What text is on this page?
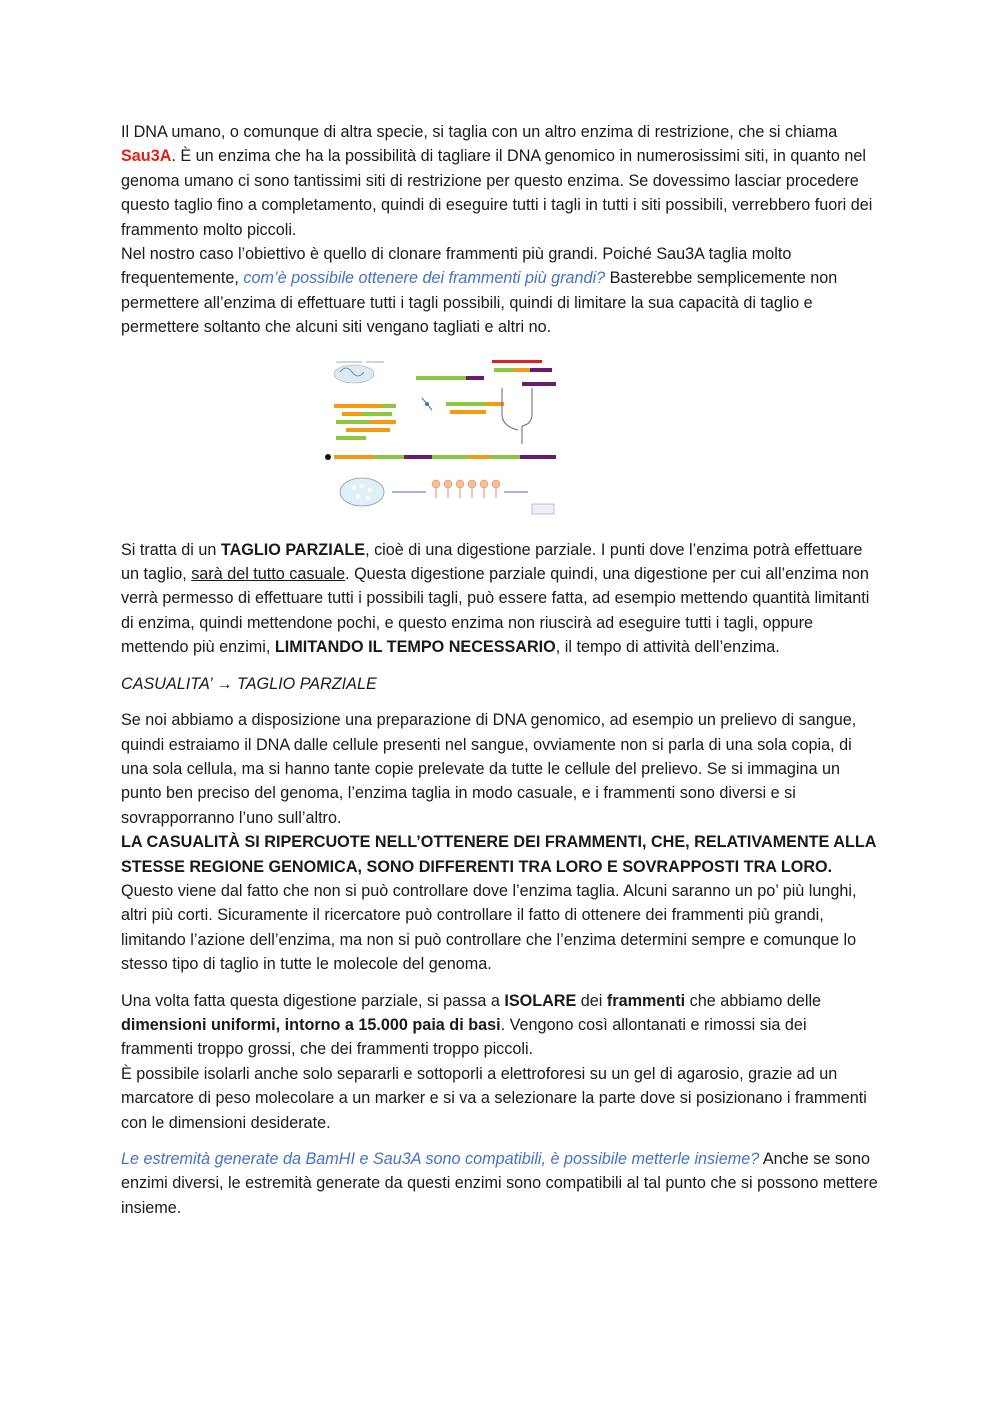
Il DNA umano, o comunque di altra specie, si taglia con un altro enzima di restrizione, che si chiama Sau3A. È un enzima che ha la possibilità di tagliare il DNA genomico in numerosissimi siti, in quanto nel genoma umano ci sono tantissimi siti di restrizione per questo enzima. Se dovessimo lasciar procedere questo taglio fino a completamento, quindi di eseguire tutti i tagli in tutti i siti possibili, verrebbero fuori dei frammento molto piccoli.

Nel nostro caso l’obiettivo è quello di clonare frammenti più grandi. Poiché Sau3A taglia molto frequentemente, com’è possibile ottenere dei frammenti più grandi? Basterebbe semplicemente non permettere all’enzima di effettuare tutti i tagli possibili, quindi di limitare la sua capacità di taglio e permettere soltanto che alcuni siti vengano tagliati e altri no.

Si tratta di un TAGLIO PARZIALE, cioè di una digestione parziale. I punti dove l’enzima potrà effettuare un taglio, sarà del tutto casuale. Questa digestione parziale quindi, una digestione per cui all’enzima non verrà permesso di effettuare tutti i possibili tagli, può essere fatta, ad esempio mettendo quantità limitanti di enzima, quindi mettendone pochi, e questo enzima non riuscirà ad eseguire tutti i tagli, oppure mettendo più enzimi, LIMITANDO IL TEMPO NECESSARIO, il tempo di attività dell’enzima.

CASUALITA’ → TAGLIO PARZIALE

Se noi abbiamo a disposizione una preparazione di DNA genomico, ad esempio un prelievo di sangue, quindi estraiamo il DNA dalle cellule presenti nel sangue, ovviamente non si parla di una sola copia, di una sola cellula, ma si hanno tante copie prelevate da tutte le cellule del prelievo. Se si immagina un punto ben preciso del genoma, l’enzima taglia in modo casuale, e i frammenti sono diversi e si sovrapporranno l’uno sull’altro.

LA CASUALITÀ SI RIPERCUOTE NELL’OTTENERE DEI FRAMMENTI, CHE, RELATIVAMENTE ALLA STESSE REGIONE GENOMICA, SONO DIFFERENTI TRA LORO E SOVRAPPOSTI TRA LORO.

Questo viene dal fatto che non si può controllare dove l’enzima taglia. Alcuni saranno un po’ più lunghi, altri più corti. Sicuramente il ricercatore può controllare il fatto di ottenere dei frammenti più grandi, limitando l’azione dell’enzima, ma non si può controllare che l’enzima determini sempre e comunque lo stesso tipo di taglio in tutte le molecole del genoma.

Una volta fatta questa digestione parziale, si passa a ISOLARE dei frammenti che abbiamo delle dimensioni uniformi, intorno a 15.000 paia di basi. Vengono così allontanati e rimossi sia dei frammenti troppo grossi, che dei frammenti troppo piccoli.

È possibile isolarli anche solo separarli e sottoporli a elettroforesi su un gel di agarosio, grazie ad un marcatore di peso molecolare a un marker e si va a selezionare la parte dove si posizionano i frammenti con le dimensioni desiderate.

Le estremità generate da BamHI e Sau3A sono compatibili, è possibile metterle insieme? Anche se sono enzimi diversi, le estremità generate da questi enzimi sono compatibili al tal punto che si possono mettere insieme.
